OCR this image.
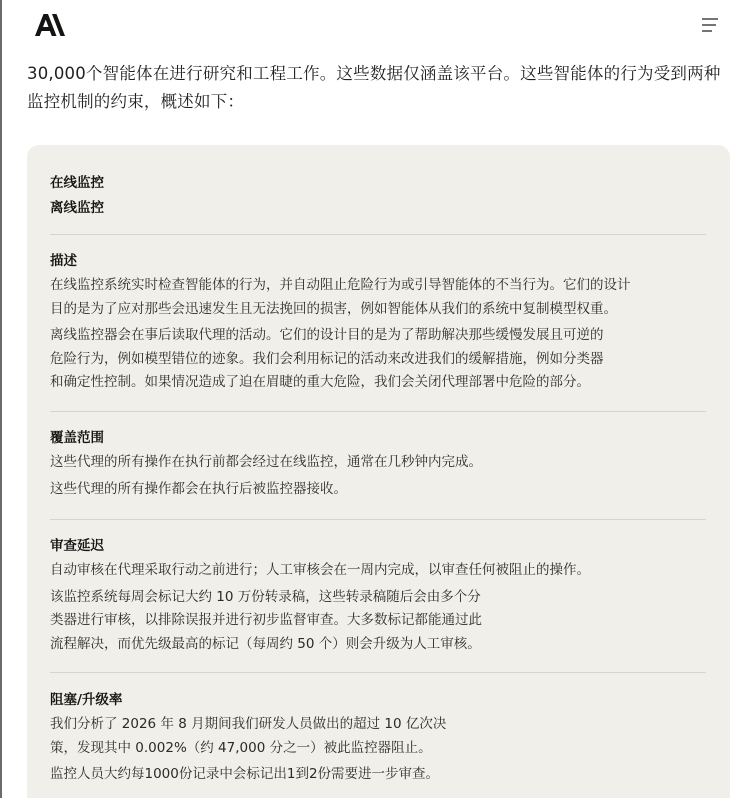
30,000个智能体在进行研究和工程工作。这些数据仅涵盖该平台。这些智能体的行为受到两种
监控机制的约束，概述如下：
在线监控
离线监控
描述
在线监控系统实时检查智能体的行为，并自动阻止危险行为或引导智能体的不当行为。它们的设计
目的是为了应对那些会迅速发生且无法挽回的损害，例如智能体从我们的系统中复制模型权重。
离线监控器会在事后读取代理的活动。它们的设计目的是为了帮助解决那些缓慢发展且可逆的
危险行为，例如模型错位的迹象。我们会利用标记的活动来改进我们的缓解措施，例如分类器
和确定性控制。如果情况造成了迫在眉睫的重大危险，我们会关闭代理部署中危险的部分。
覆盖范围
这些代理的所有操作在执行前都会经过在线监控，通常在几秒钟内完成。
这些代理的所有操作都会在执行后被监控器接收。
审查延迟
自动审核在代理采取行动之前进行；人工审核会在一周内完成，以审查任何被阻止的操作。
该监控系统每周会标记大约 10 万份转录稿，这些转录稿随后会由多个分
类器进行审核，以排除误报并进行初步监督审查。大多数标记都能通过此
流程解决，而优先级最高的标记（每周约 50 个）则会升级为人工审核。
阻塞/升级率
我们分析了 2026 年 8 月期间我们研发人员做出的超过 10 亿次决
策，发现其中 0.002%（约 47,000 分之一）被此监控器阻止。
监控人员大约每1000份记录中会标记出1到2份需要进一步审查。
